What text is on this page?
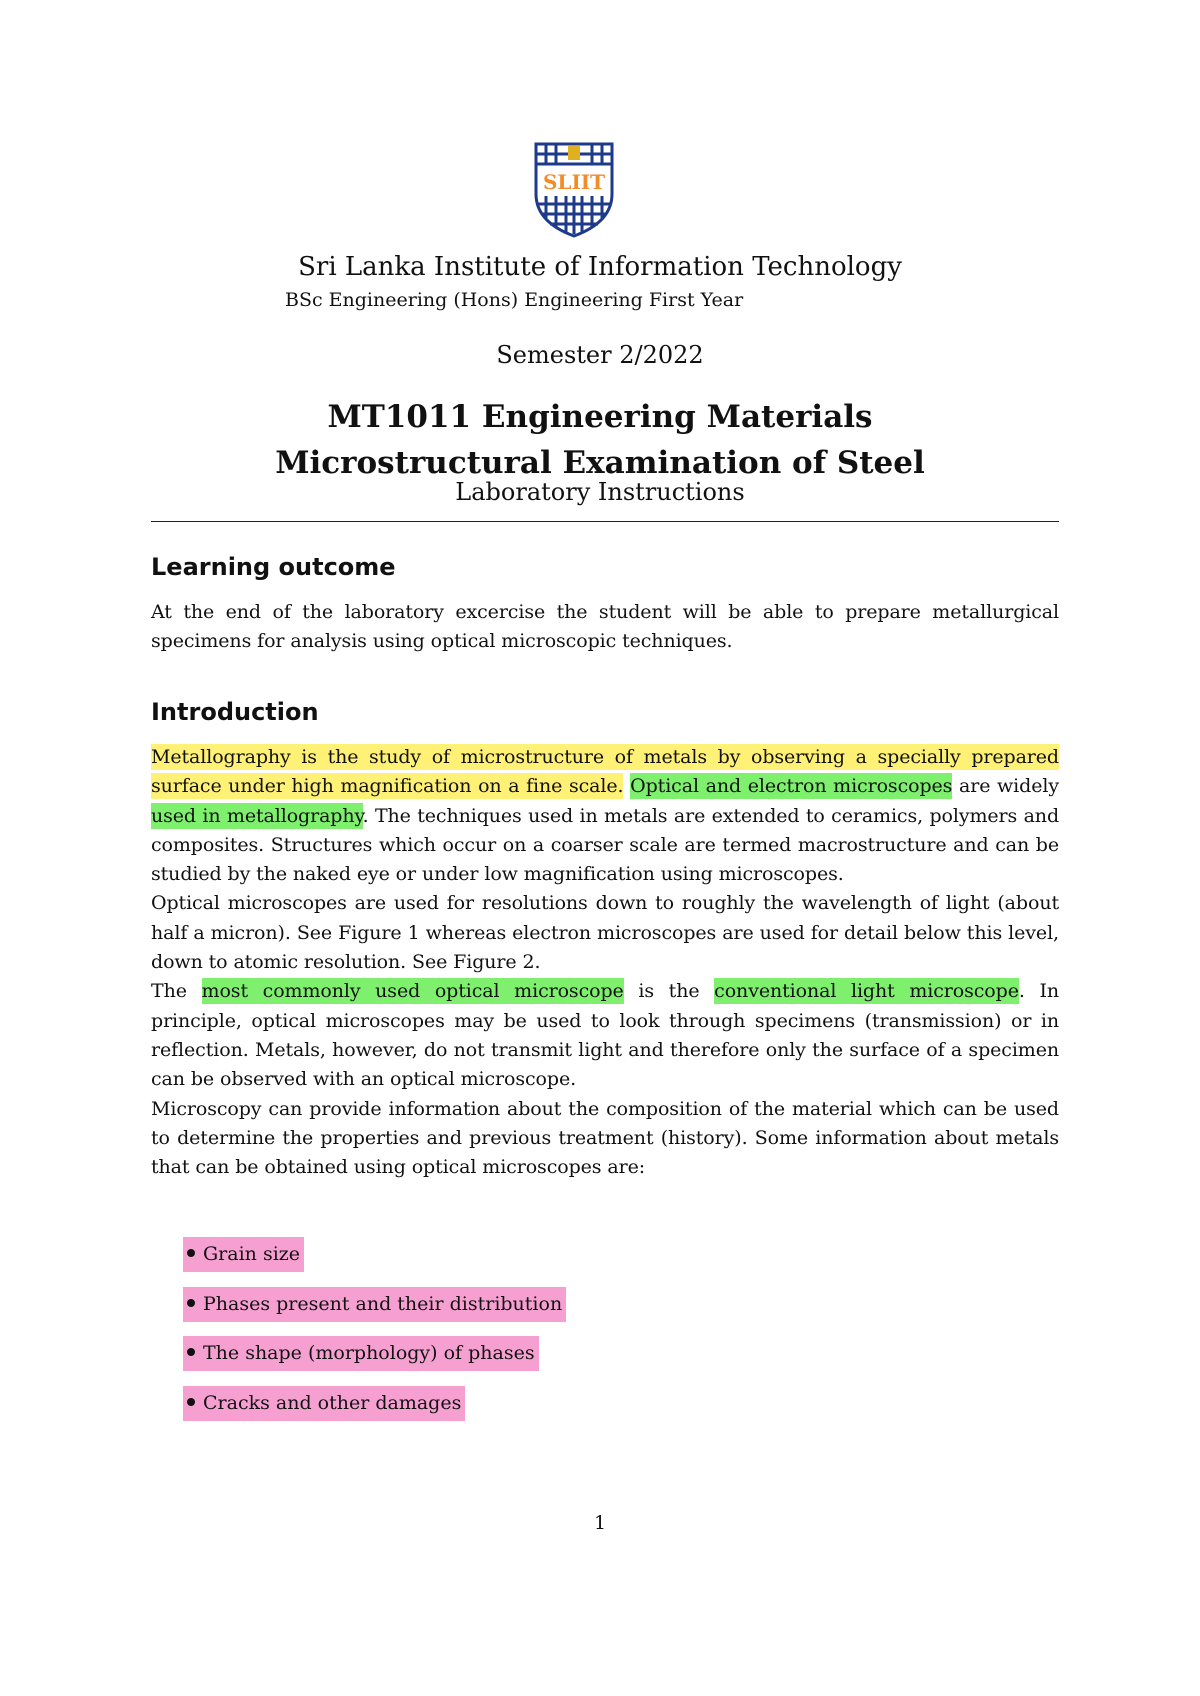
SLIIT
Sri Lanka Institute of Information Technology
BSc Engineering (Hons) Engineering First Year
Semester 2/2022
MT1011 Engineering Materials
Microstructural Examination of Steel
Laboratory Instructions
Learning outcome

At the end of the laboratory excercise the student will be able to prepare metallurgical specimens for analysis using optical microscopic techniques.

Introduction

Metallography is the study of microstructure of metals by observing a specially prepared surface under high magnification on a fine scale. Optical and electron microscopes are widely used in metallography. The techniques used in metals are extended to ceramics, polymers and composites. Structures which occur on a coarser scale are termed macrostructure and can be studied by the naked eye or under low magnification using microscopes.

Optical microscopes are used for resolutions down to roughly the wavelength of light (about half a micron). See Figure 1 whereas electron microscopes are used for detail below this level, down to atomic resolution. See Figure 2.

The most commonly used optical microscope is the conventional light microscope. In principle, optical microscopes may be used to look through specimens (transmission) or in reflection. Metals, however, do not transmit light and therefore only the surface of a specimen can be observed with an optical microscope.

Microscopy can provide information about the composition of the material which can be used to determine the properties and previous treatment (history). Some information about metals that can be obtained using optical microscopes are:

Grain size
Phases present and their distribution
The shape (morphology) of phases
Cracks and other damages
1
